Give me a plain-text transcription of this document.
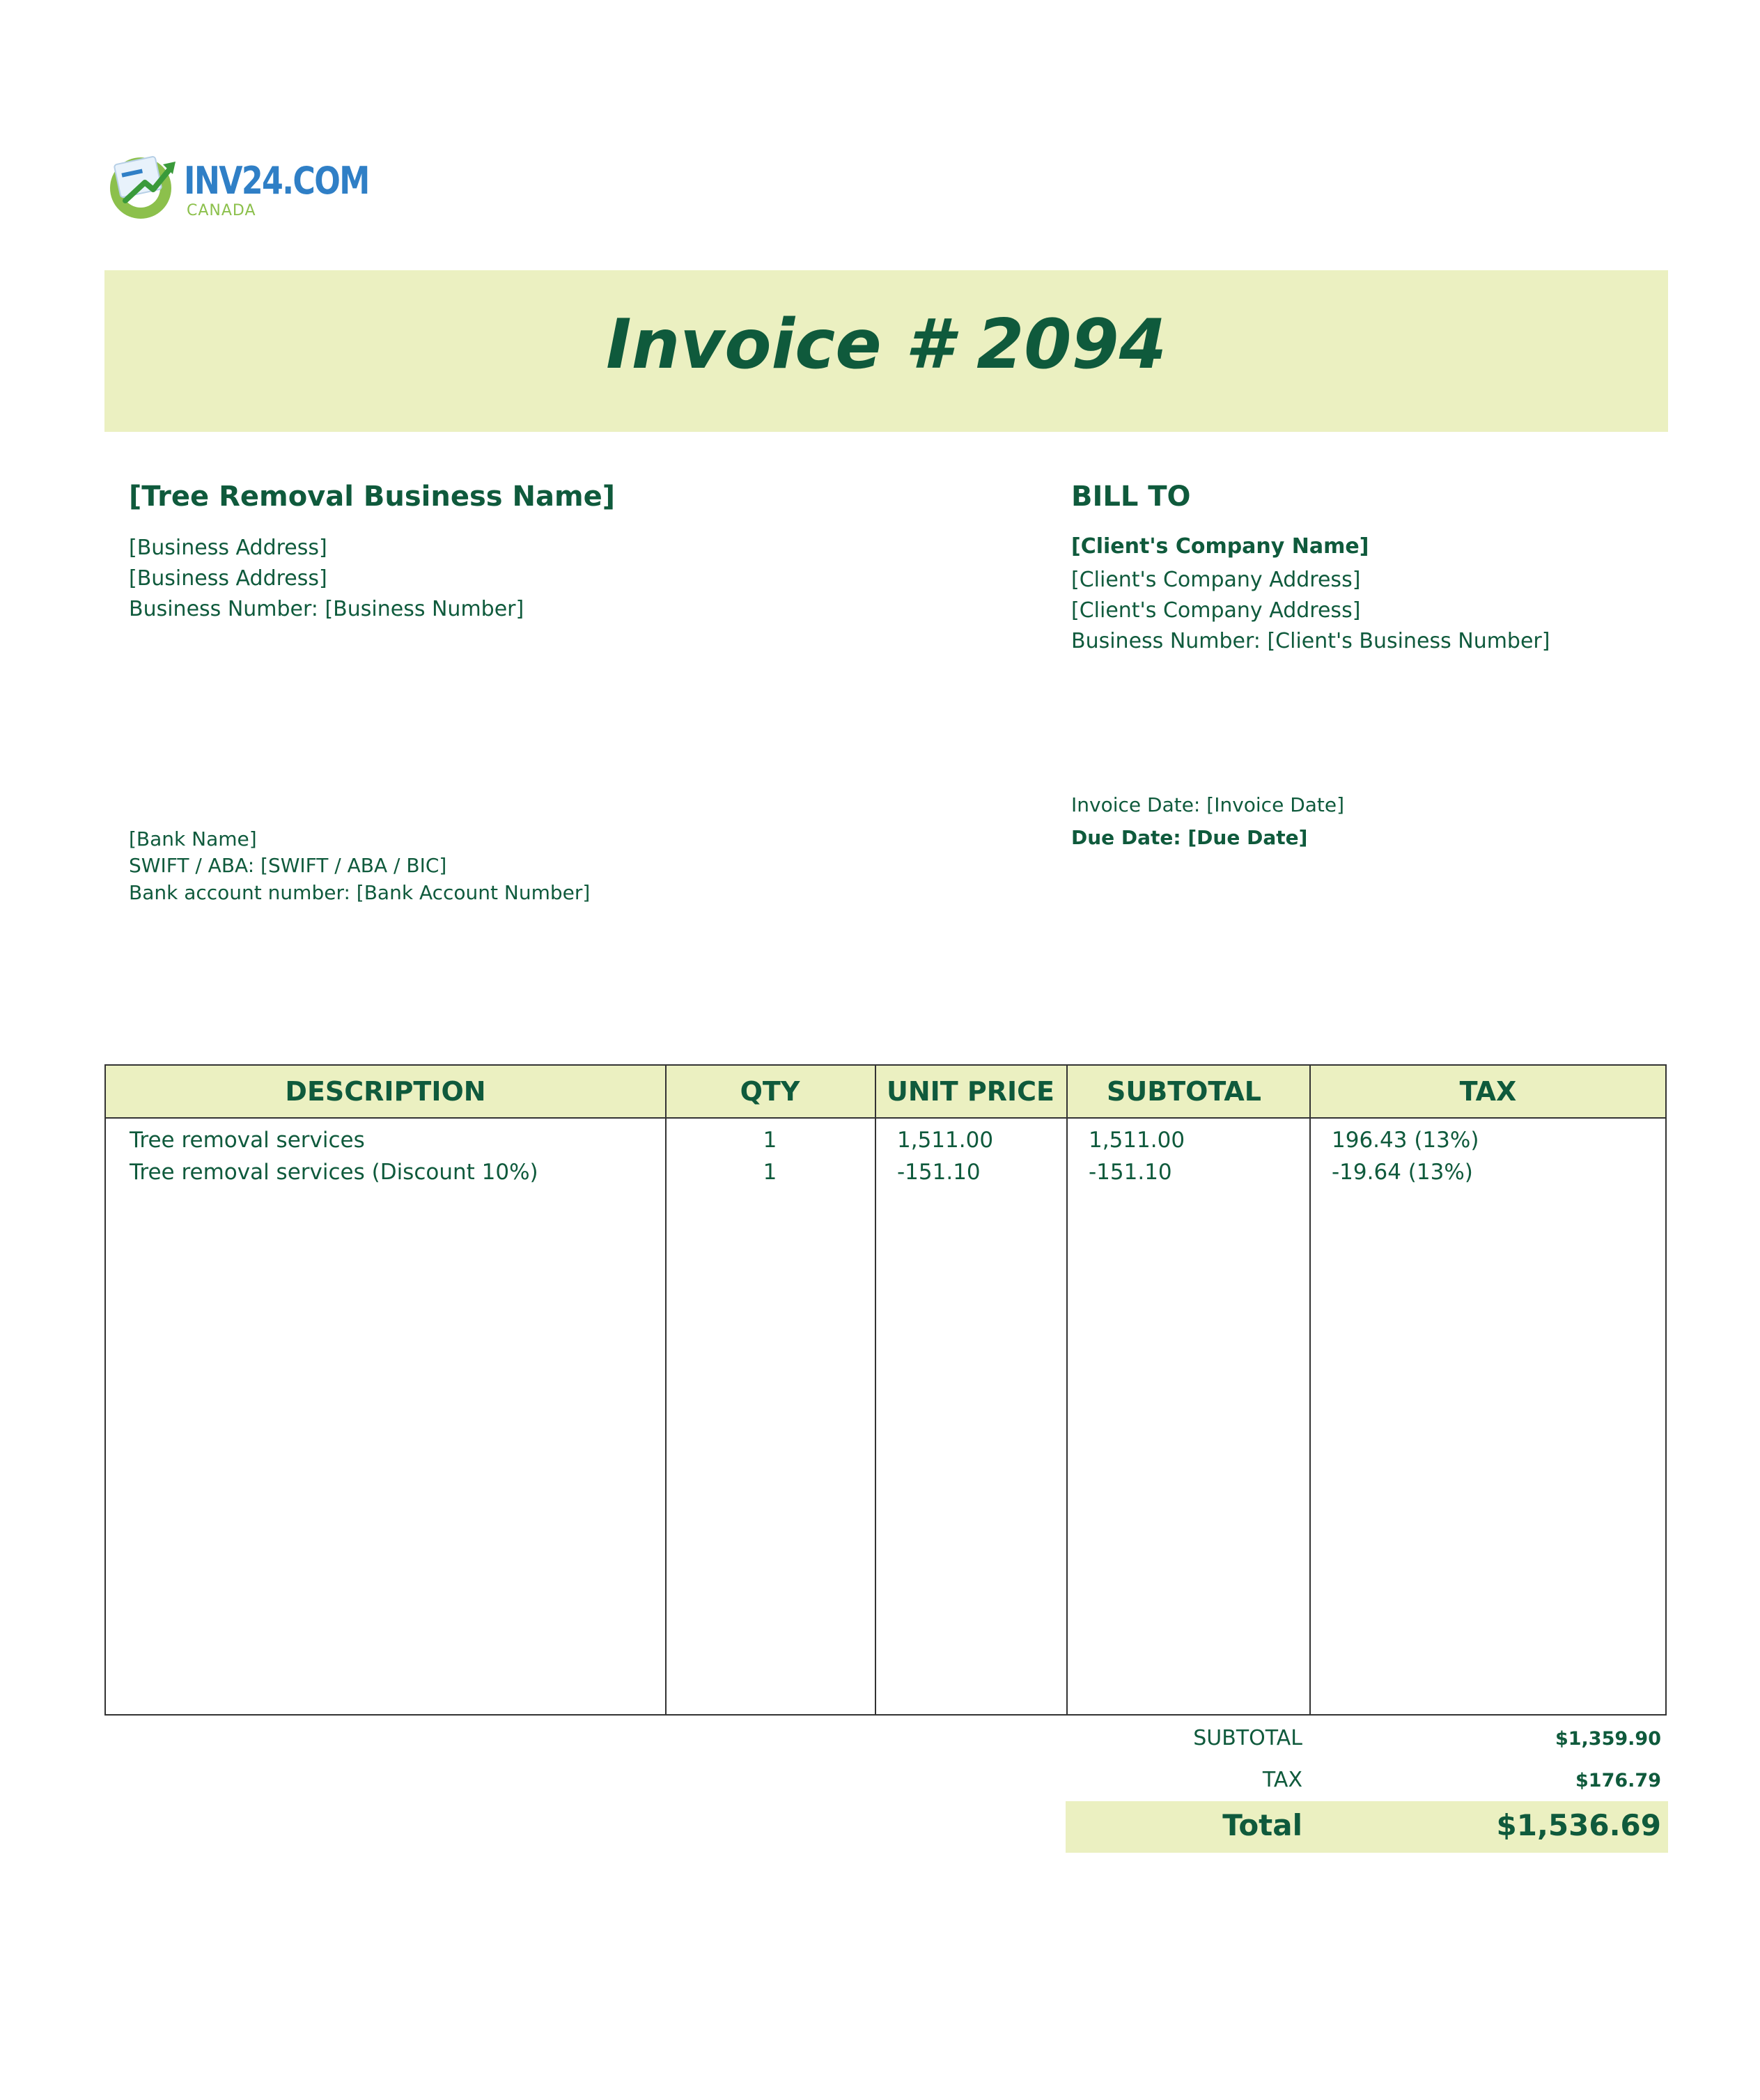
INV24.COM
CANADA
Invoice # 2094
[Tree Removal Business Name]
[Business Address]
[Business Address]
Business Number: [Business Number]
BILL TO
[Client's Company Name]
[Client's Company Address]
[Client's Company Address]
Business Number: [Client's Business Number]
[Bank Name]
SWIFT / ABA: [SWIFT / ABA / BIC]
Bank account number: [Bank Account Number]
Invoice Date: [Invoice Date]
Due Date: [Due Date]
DESCRIPTION	QTY	UNIT PRICE	SUBTOTAL	TAX
Tree removal services	1	1,511.00	1,511.00	196.43 (13%)
Tree removal services (Discount 10%)	1	-151.10	-151.10	-19.64 (13%)
SUBTOTAL	$1,359.90
TAX	$176.79
Total	$1,536.69
